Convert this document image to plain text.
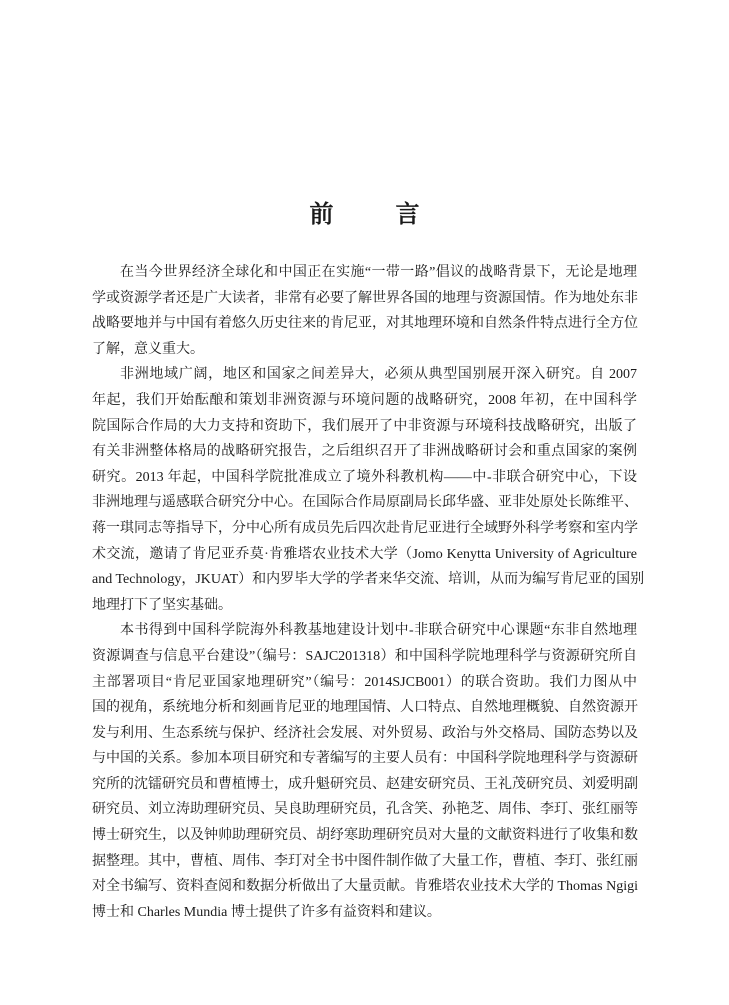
前	言
在当今世界经济全球化和中国正在实施“一带一路”倡议的战略背景下，无论是地理
学或资源学者还是广大读者，非常有必要了解世界各国的地理与资源国情。作为地处东非
战略要地并与中国有着悠久历史往来的肯尼亚，对其地理环境和自然条件特点进行全方位
了解，意义重大。
非洲地域广阔，地区和国家之间差异大，必须从典型国别展开深入研究。自 2007
年起，我们开始酝酿和策划非洲资源与环境问题的战略研究，2008 年初，在中国科学
院国际合作局的大力支持和资助下，我们展开了中非资源与环境科技战略研究，出版了
有关非洲整体格局的战略研究报告，之后组织召开了非洲战略研讨会和重点国家的案例
研究。2013 年起，中国科学院批准成立了境外科教机构——中-非联合研究中心，下设
非洲地理与遥感联合研究分中心。在国际合作局原副局长邱华盛、亚非处原处长陈维平、
蒋一琪同志等指导下，分中心所有成员先后四次赴肯尼亚进行全域野外科学考察和室内学
术交流，邀请了肯尼亚乔莫·肯雅塔农业技术大学（Jomo Kenytta University of Agriculture
and Technology，JKUAT）和内罗毕大学的学者来华交流、培训，从而为编写肯尼亚的国别
地理打下了坚实基础。
本书得到中国科学院海外科教基地建设计划中-非联合研究中心课题“东非自然地理
资源调查与信息平台建设”（编号：SAJC201318）和中国科学院地理科学与资源研究所自
主部署项目“肯尼亚国家地理研究”（编号：2014SJCB001）的联合资助。我们力图从中
国的视角，系统地分析和刻画肯尼亚的地理国情、人口特点、自然地理概貌、自然资源开
发与利用、生态系统与保护、经济社会发展、对外贸易、政治与外交格局、国防态势以及
与中国的关系。参加本项目研究和专著编写的主要人员有：中国科学院地理科学与资源研
究所的沈镭研究员和曹植博士，成升魁研究员、赵建安研究员、王礼茂研究员、刘爱明副
研究员、刘立涛助理研究员、吴良助理研究员，孔含笑、孙艳芝、周伟、李玎、张红丽等
博士研究生，以及钟帅助理研究员、胡纾寒助理研究员对大量的文献资料进行了收集和数
据整理。其中，曹植、周伟、李玎对全书中图件制作做了大量工作，曹植、李玎、张红丽
对全书编写、资料查阅和数据分析做出了大量贡献。肯雅塔农业技术大学的 Thomas Ngigi
博士和 Charles Mundia 博士提供了许多有益资料和建议。
